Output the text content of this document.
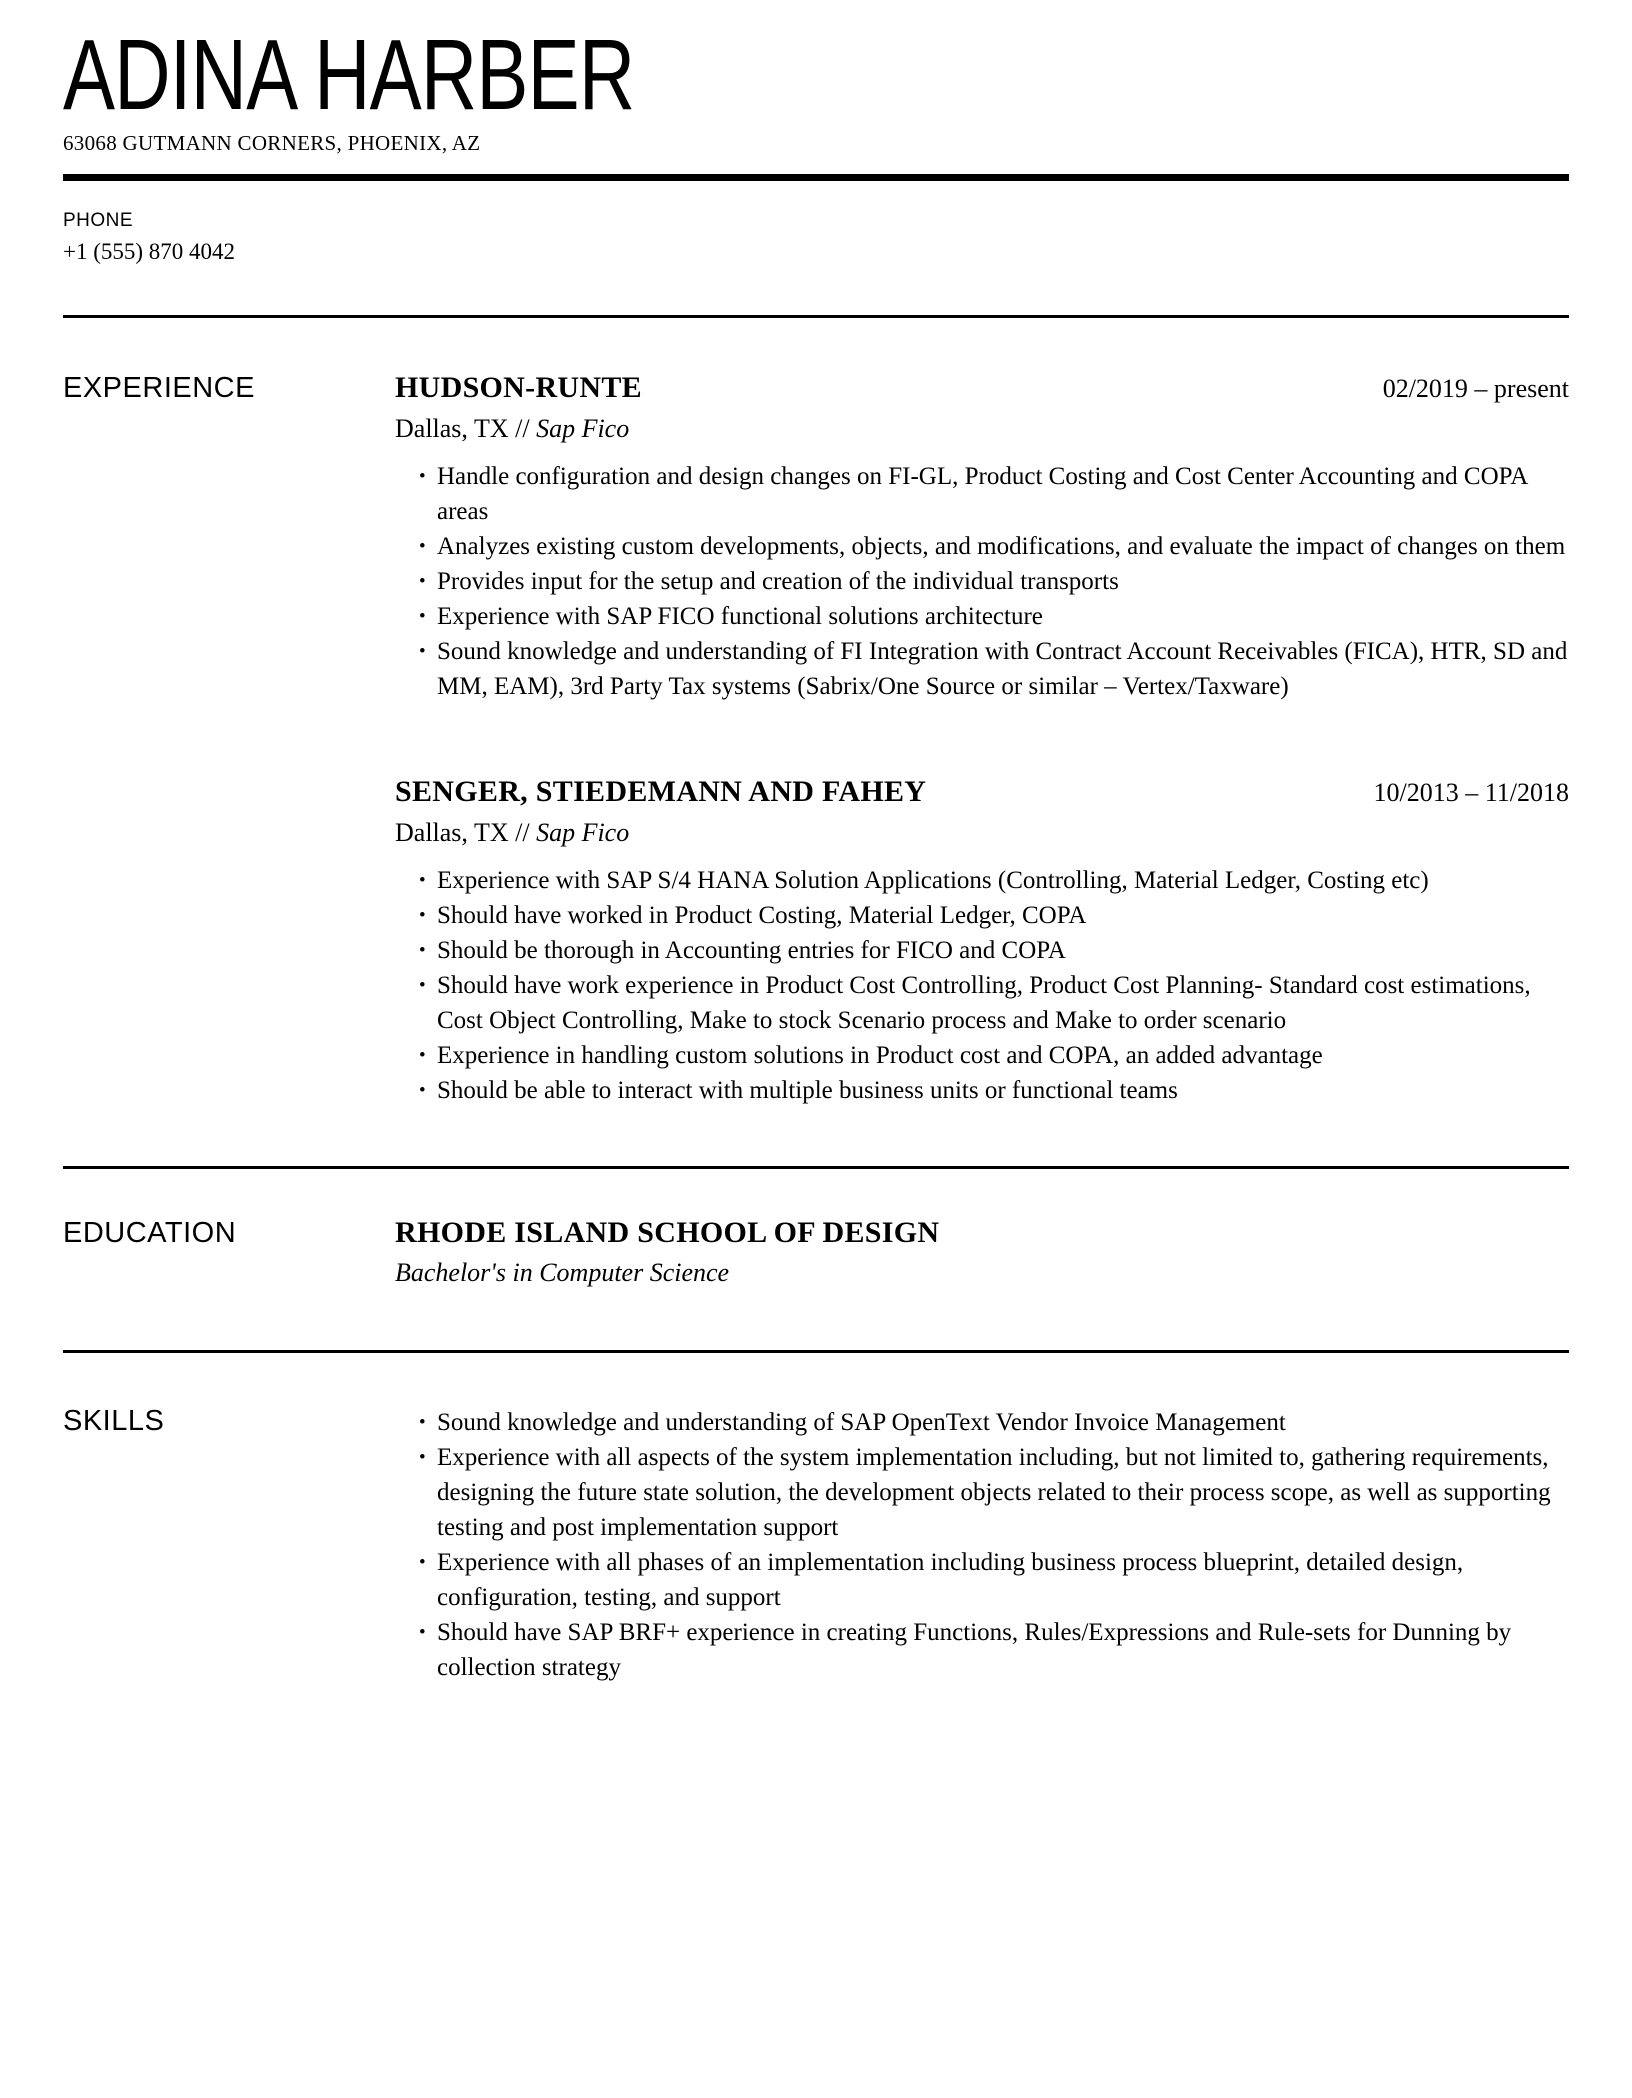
ADINA HARBER
63068 GUTMANN CORNERS, PHOENIX, AZ
PHONE
+1 (555) 870 4042
EXPERIENCE	HUDSON-RUNTE	02/2019 – present
Dallas, TX // Sap Fico
• Handle configuration and design changes on FI-GL, Product Costing and Cost Center Accounting and COPA areas
• Analyzes existing custom developments, objects, and modifications, and evaluate the impact of changes on them
• Provides input for the setup and creation of the individual transports
• Experience with SAP FICO functional solutions architecture
• Sound knowledge and understanding of FI Integration with Contract Account Receivables (FICA), HTR, SD and MM, EAM), 3rd Party Tax systems (Sabrix/One Source or similar – Vertex/Taxware)
SENGER, STIEDEMANN AND FAHEY	10/2013 – 11/2018
Dallas, TX // Sap Fico
• Experience with SAP S/4 HANA Solution Applications (Controlling, Material Ledger, Costing etc)
• Should have worked in Product Costing, Material Ledger, COPA
• Should be thorough in Accounting entries for FICO and COPA
• Should have work experience in Product Cost Controlling, Product Cost Planning- Standard cost estimations, Cost Object Controlling, Make to stock Scenario process and Make to order scenario
• Experience in handling custom solutions in Product cost and COPA, an added advantage
• Should be able to interact with multiple business units or functional teams
EDUCATION	RHODE ISLAND SCHOOL OF DESIGN
Bachelor's in Computer Science
SKILLS	• Sound knowledge and understanding of SAP OpenText Vendor Invoice Management
• Experience with all aspects of the system implementation including, but not limited to, gathering requirements, designing the future state solution, the development objects related to their process scope, as well as supporting testing and post implementation support
• Experience with all phases of an implementation including business process blueprint, detailed design, configuration, testing, and support
• Should have SAP BRF+ experience in creating Functions, Rules/Expressions and Rule-sets for Dunning by collection strategy
